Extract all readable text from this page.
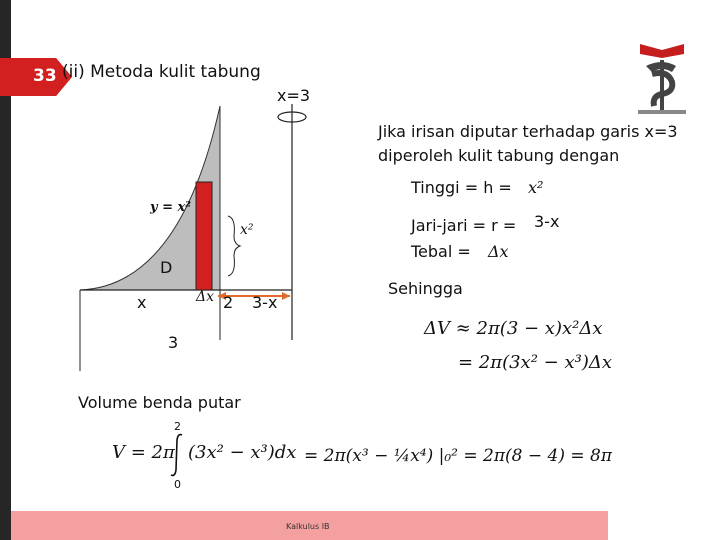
33 (ii) Metoda kulit tabung
x=3
y = x²
x²
D
x	Δx 2 3-x
3
Jika irisan diputar terhadap garis x=3
diperoleh kulit tabung dengan
Tinggi = h = x²
Jari-jari = r = 3-x
Tebal = Δx
Sehingga
ΔV ≈ 2π(3 − x)x²Δx
= 2π(3x² − x³)Δx
Volume benda putar
V = 2π
2
0
(3x² − x³)dx = 2π(x³ − ¼x⁴) |₀² = 2π(8 − 4) = 8π
Kalkulus IB
